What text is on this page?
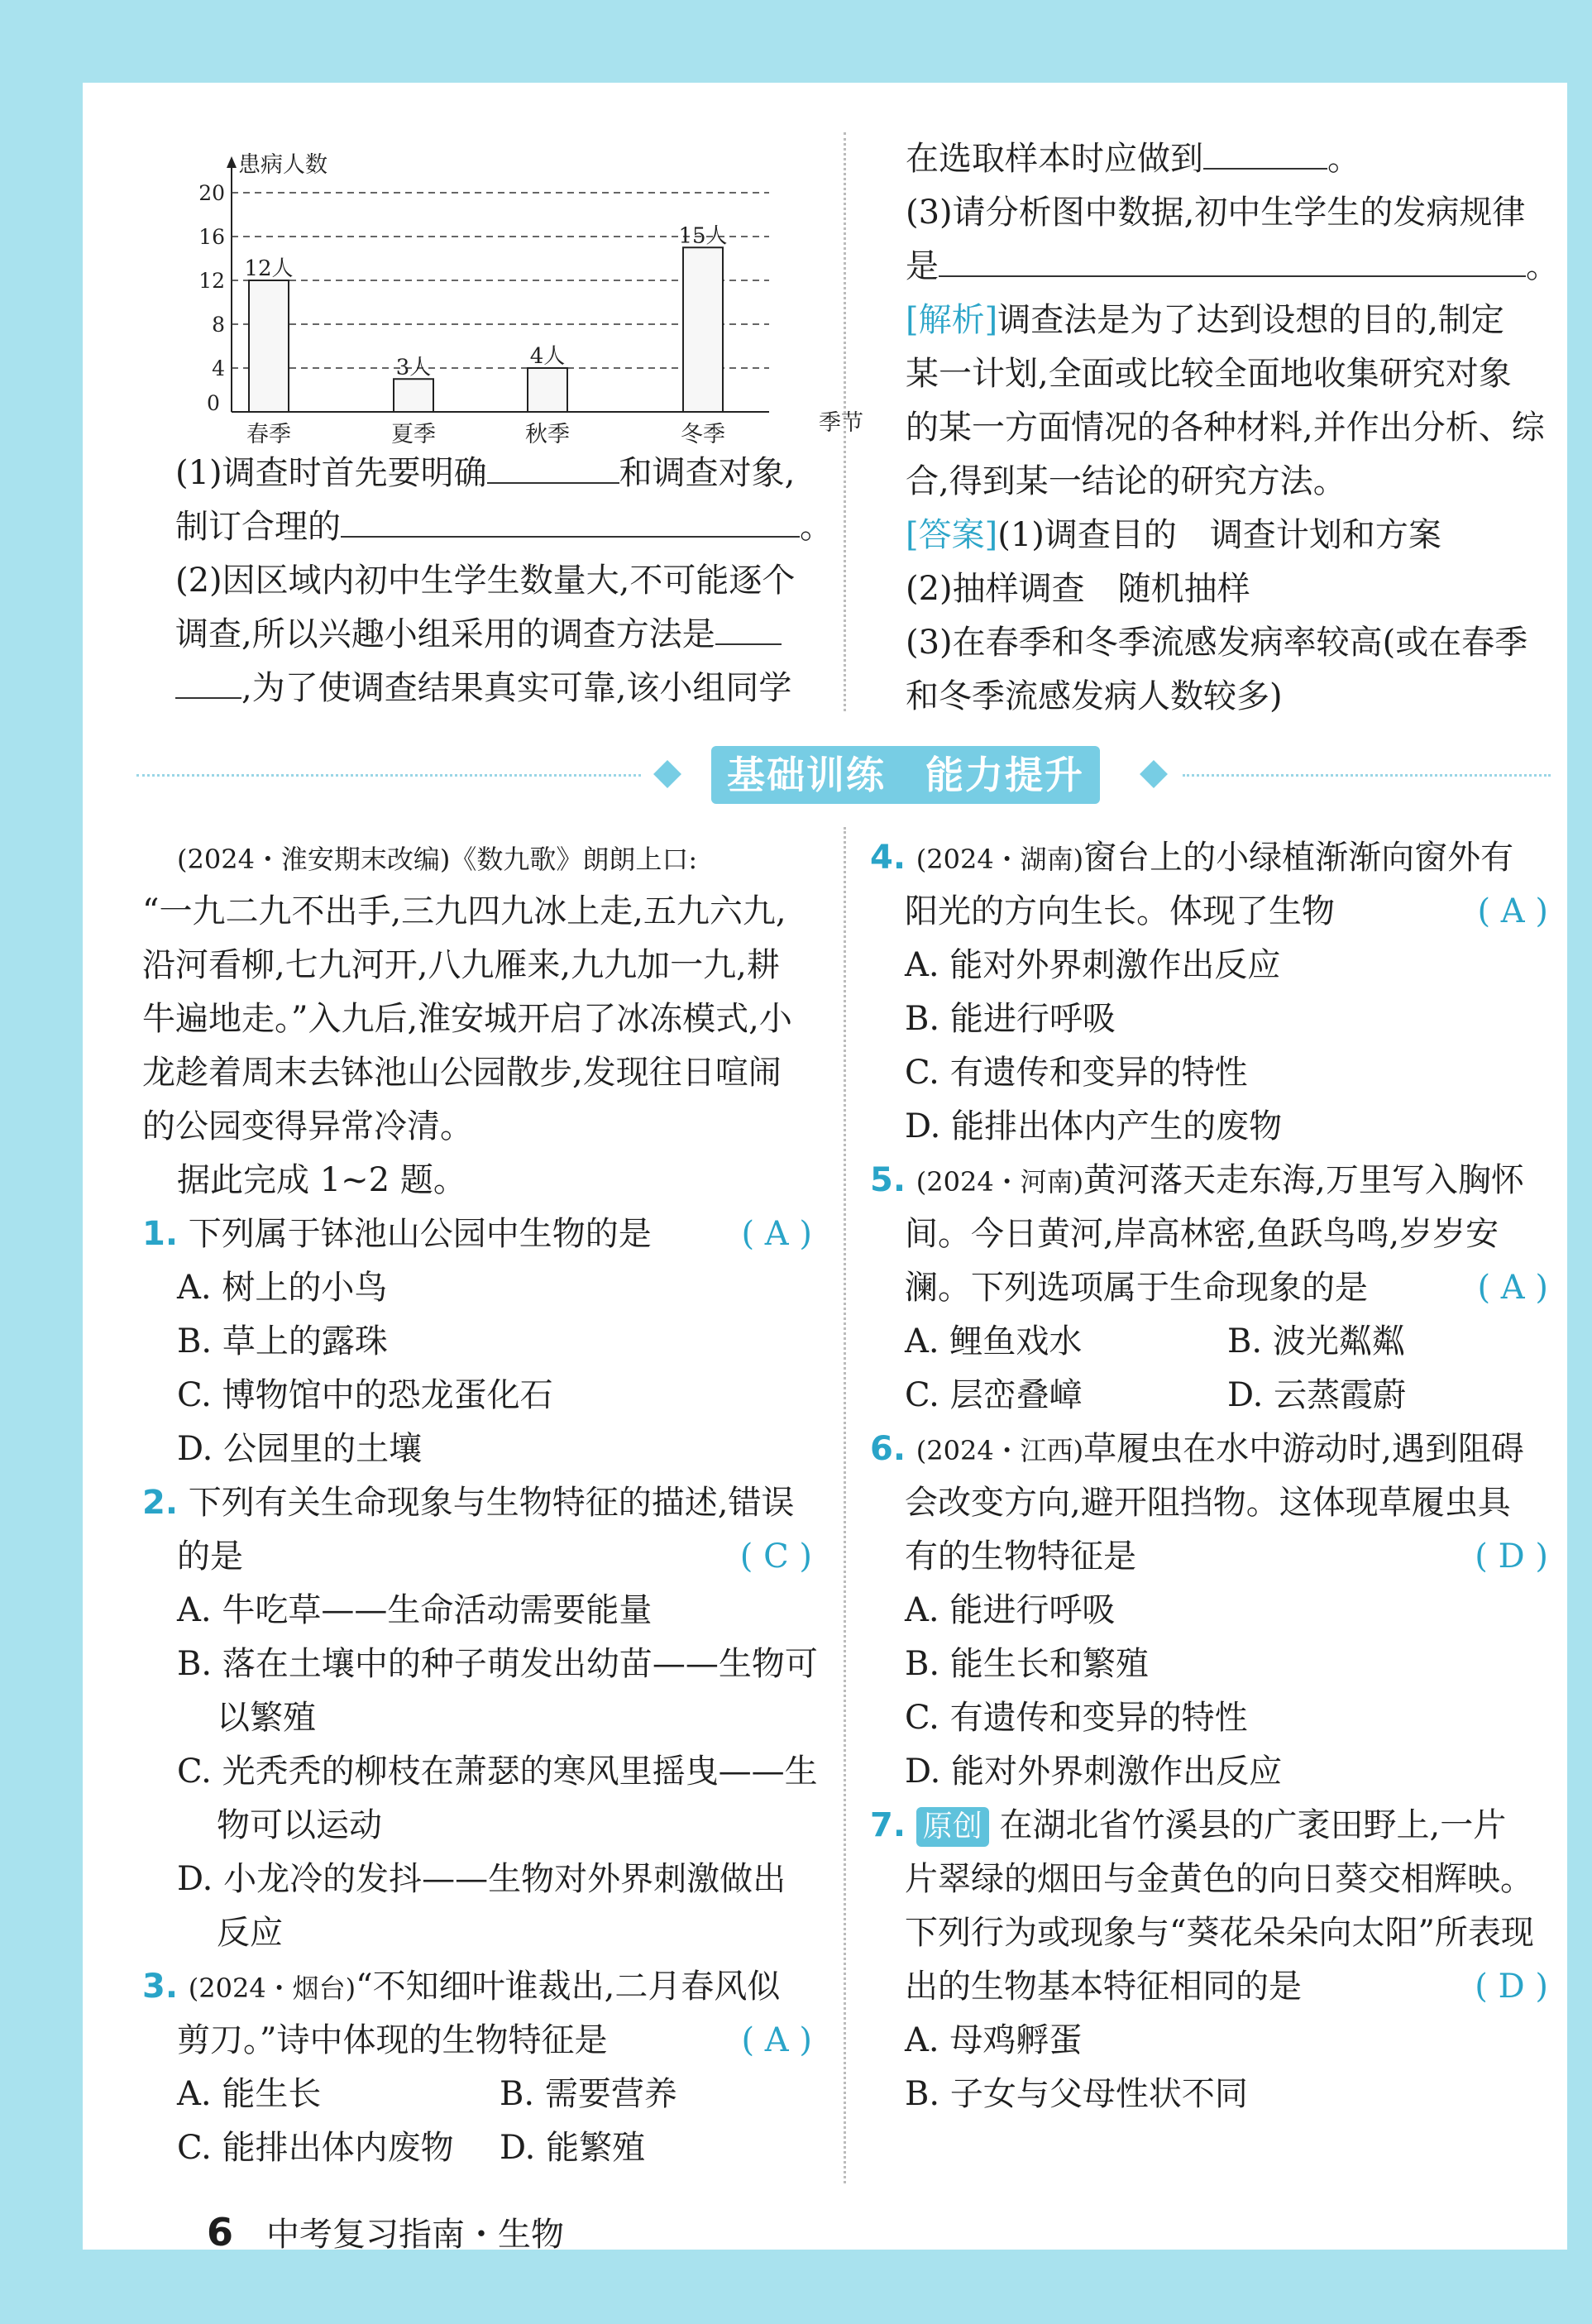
患病人数
季节
0
4
8
12
16
20
12人
春季
3人
夏季
4人
秋季
15人
冬季
(1)调查时首先要明确	和调查对象,
制订合理的	。
(2)因区域内初中生学生数量大,不可能逐个
调查,所以兴趣小组采用的调查方法是
,为了使调查结果真实可靠,该小组同学
在选取样本时应做到	。
(3)请分析图中数据,初中生学生的发病规律
是	。
[解析]调查法是为了达到设想的目的,制定
某一计划,全面或比较全面地收集研究对象
的某一方面情况的各种材料,并作出分析、综
合,得到某一结论的研究方法。
[答案](1)调查目的　调查计划和方案
(2)抽样调查　随机抽样
(3)在春季和冬季流感发病率较高(或在春季
和冬季流感发病人数较多)
基础训练　能力提升
(2024・淮安期末改编)《数九歌》朗朗上口:
“一九二九不出手,三九四九冰上走,五九六九,
沿河看柳,七九河开,八九雁来,九九加一九,耕
牛遍地走。”入九后,淮安城开启了冰冻模式,小
龙趁着周末去钵池山公园散步,发现往日喧闹
的公园变得异常冷清。
据此完成 1~2 题。
1. 下列属于钵池山公园中生物的是	( A )
A. 树上的小鸟
B. 草上的露珠
C. 博物馆中的恐龙蛋化石
D. 公园里的土壤
2. 下列有关生命现象与生物特征的描述,错误
的是	( C )
A. 牛吃草——生命活动需要能量
B. 落在土壤中的种子萌发出幼苗——生物可
以繁殖
C. 光秃秃的柳枝在萧瑟的寒风里摇曳——生
物可以运动
D. 小龙冷的发抖——生物对外界刺激做出
反应
3. (2024・烟台)“不知细叶谁裁出,二月春风似
剪刀。”诗中体现的生物特征是	( A )
A. 能生长	B. 需要营养
C. 能排出体内废物 D. 能繁殖
4. (2024・湖南)窗台上的小绿植渐渐向窗外有
阳光的方向生长。体现了生物	( A )
A. 能对外界刺激作出反应
B. 能进行呼吸
C. 有遗传和变异的特性
D. 能排出体内产生的废物
5. (2024・河南)黄河落天走东海,万里写入胸怀
间。今日黄河,岸高林密,鱼跃鸟鸣,岁岁安
澜。下列选项属于生命现象的是	( A )
A. 鲤鱼戏水	B. 波光粼粼
C. 层峦叠嶂	D. 云蒸霞蔚
6. (2024・江西)草履虫在水中游动时,遇到阻碍
会改变方向,避开阻挡物。这体现草履虫具
有的生物特征是	( D )
A. 能进行呼吸
B. 能生长和繁殖
C. 有遗传和变异的特性
D. 能对外界刺激作出反应
7. 原创 在湖北省竹溪县的广袤田野上,一片
片翠绿的烟田与金黄色的向日葵交相辉映。
下列行为或现象与“葵花朵朵向太阳”所表现
出的生物基本特征相同的是	( D )
A. 母鸡孵蛋
B. 子女与父母性状不同
6 中考复习指南・生物
